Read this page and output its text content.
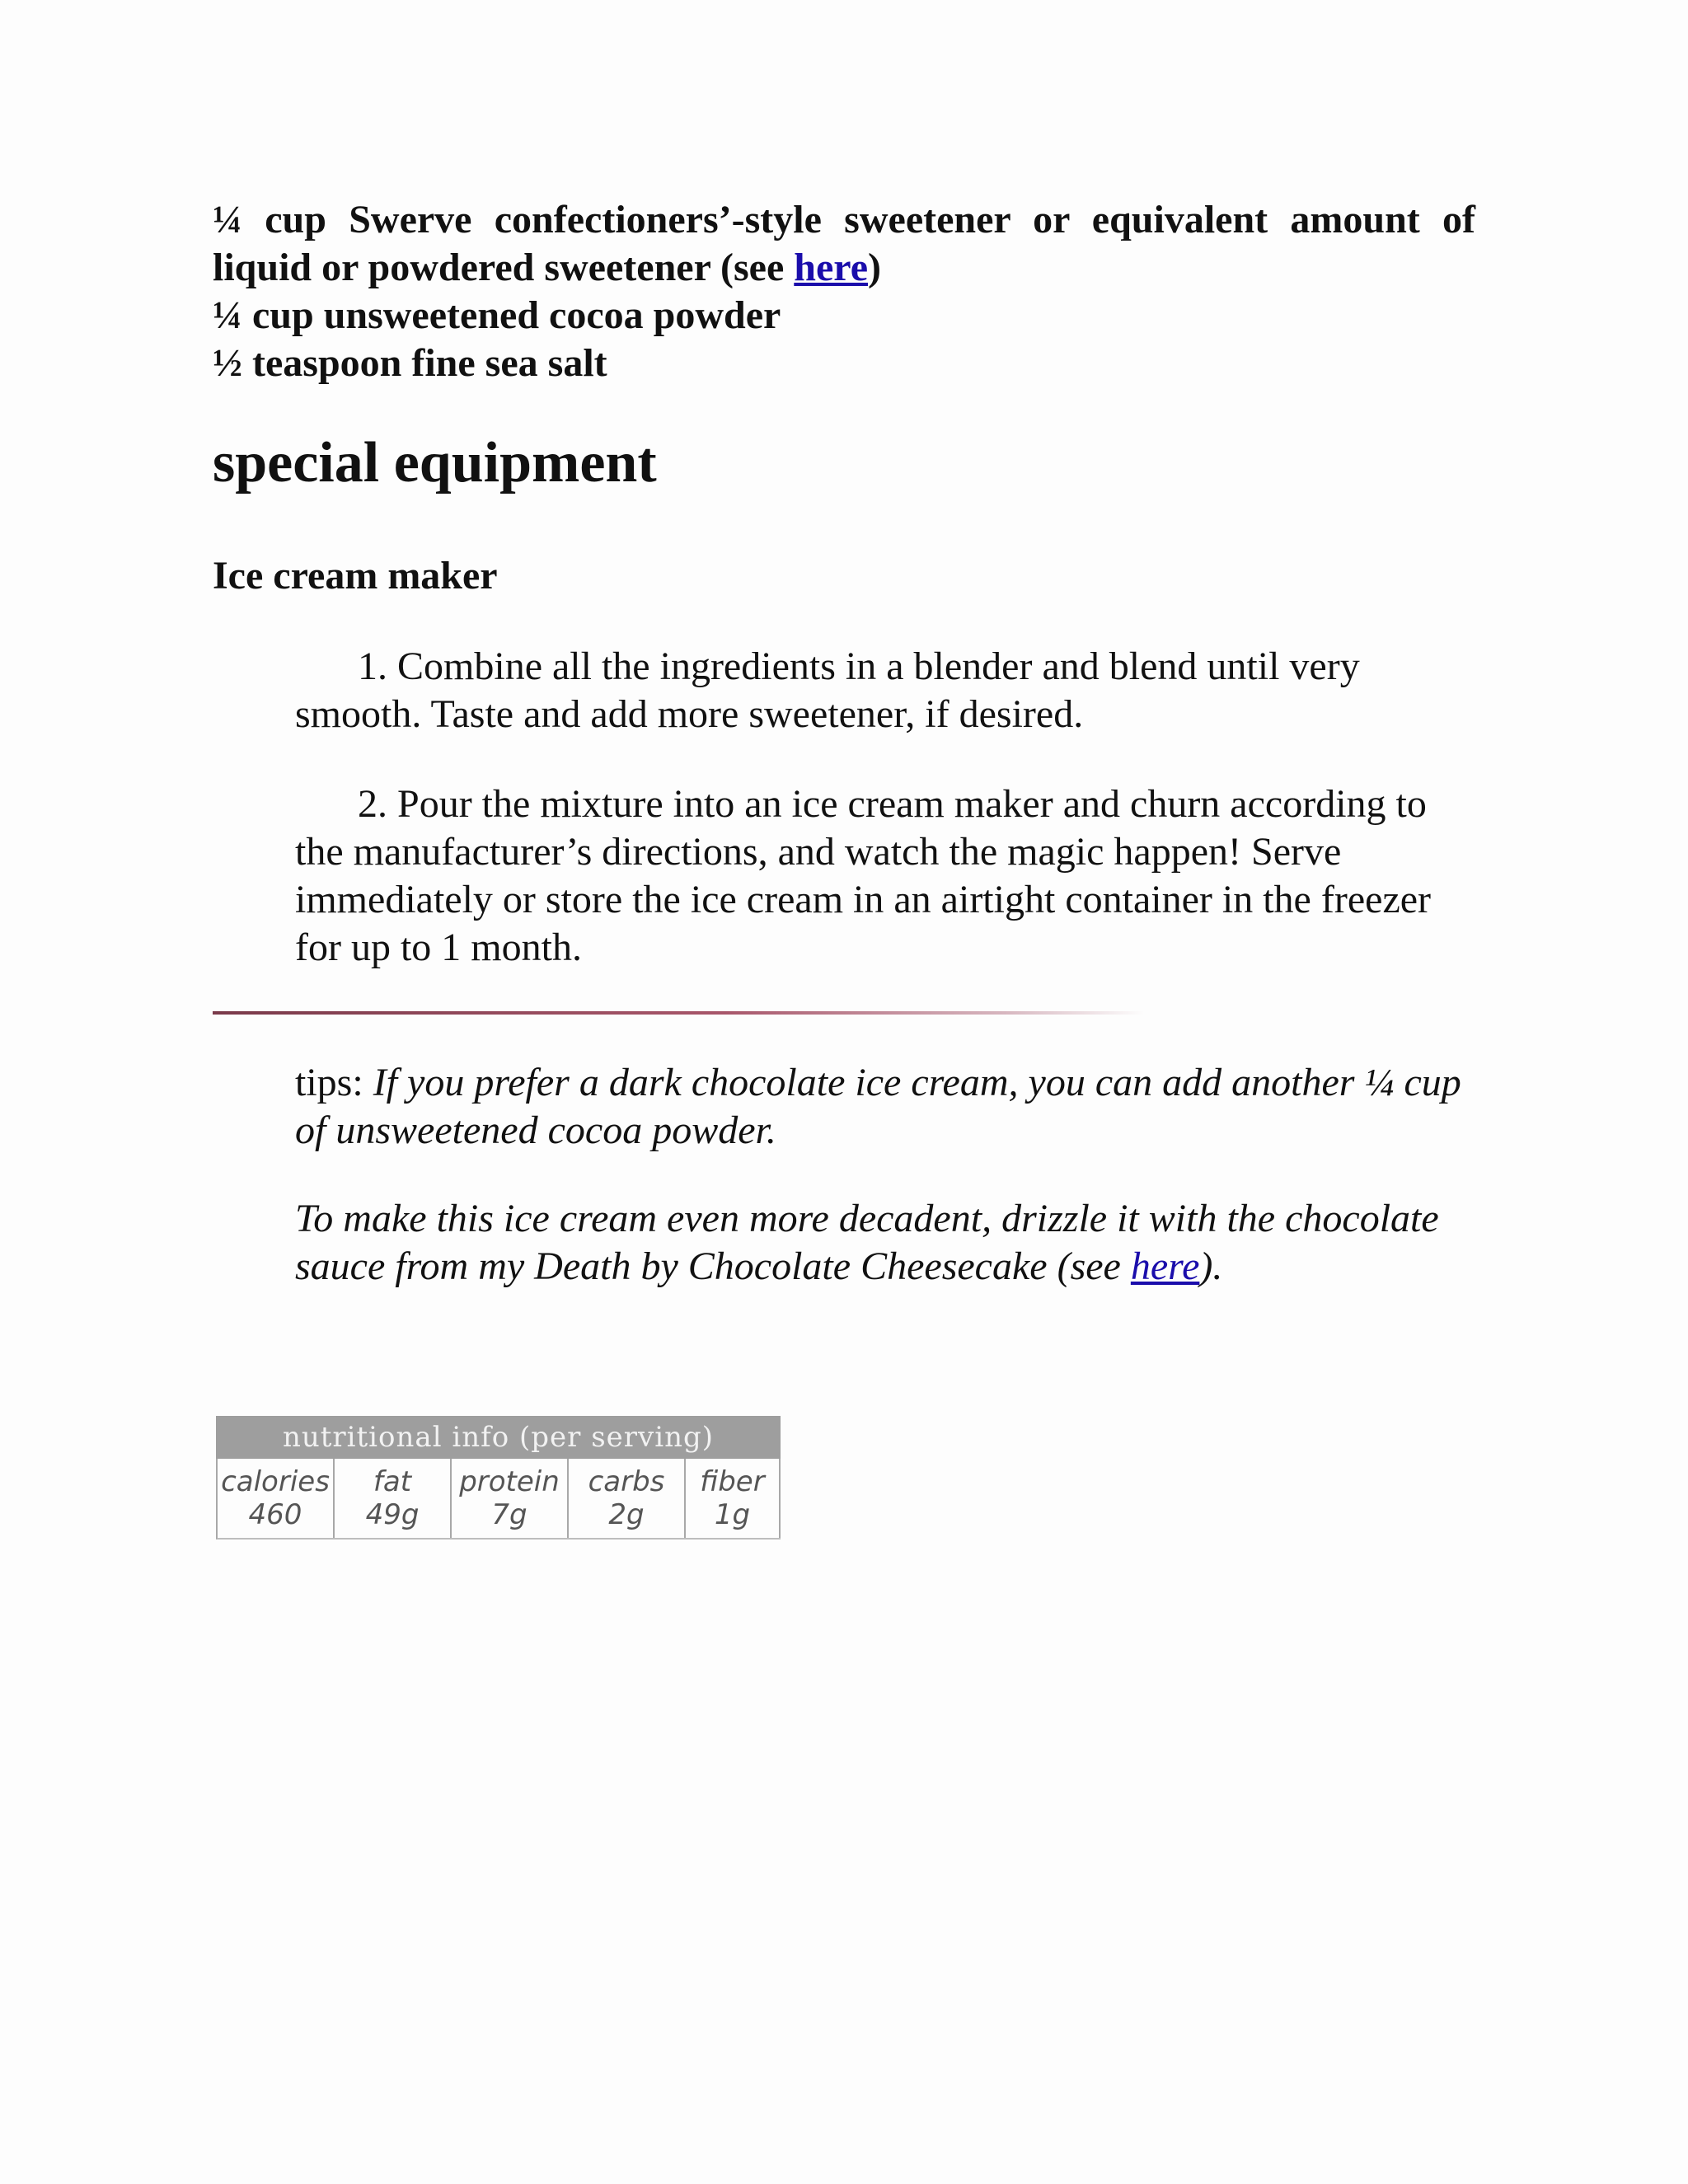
¼ cup Swerve confectioners’-style sweetener or equivalent amount of liquid or powdered sweetener (see here)
¼ cup unsweetened cocoa powder
½ teaspoon fine sea salt
special equipment
Ice cream maker

1. Combine all the ingredients in a blender and blend until very smooth. Taste and add more sweetener, if desired.

2. Pour the mixture into an ice cream maker and churn according to the manufacturer’s directions, and watch the magic happen! Serve immediately or store the ice cream in an airtight container in the freezer for up to 1 month.

tips: If you prefer a dark chocolate ice cream, you can add another ¼ cup of unsweetened cocoa powder.

To make this ice cream even more decadent, drizzle it with the chocolate sauce from my Death by Chocolate Cheesecake (see here).

nutritional info (per serving)
calories
460
fat
49g
protein
7g
carbs
2g
fiber
1g
